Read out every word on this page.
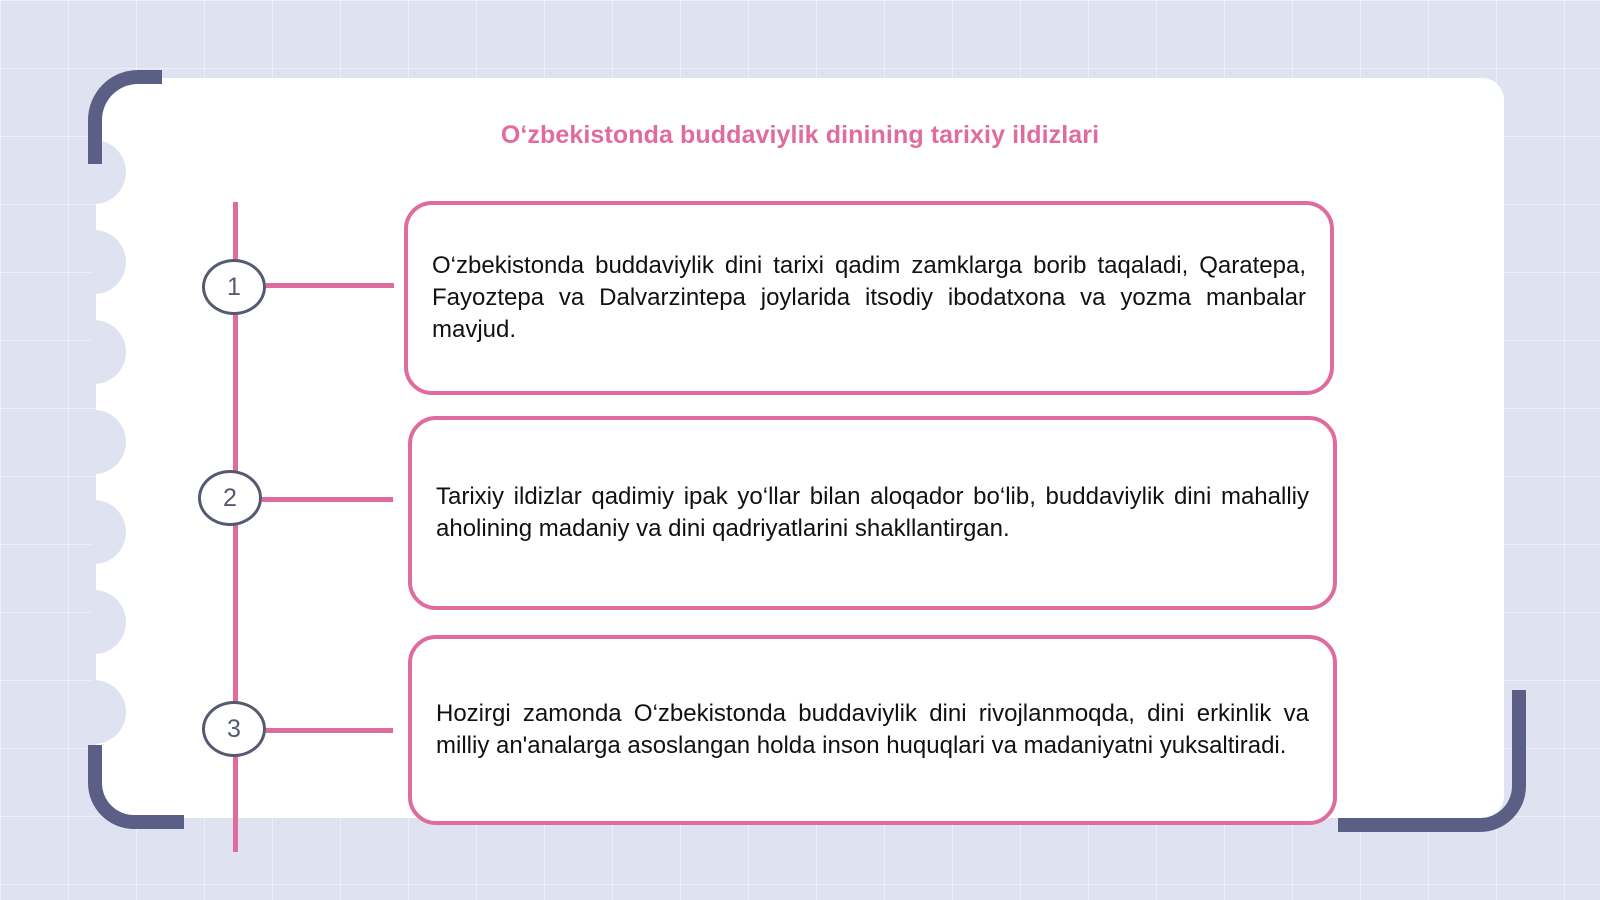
O‘zbekistonda buddaviylik dinining tarixiy ildizlari
1
2
3
O‘zbekistonda buddaviylik dini tarixi qadim zamklarga borib taqaladi, Qaratepa, Fayoztepa va Dalvarzintepa joylarida itsodiy ibodatxona va yozma manbalar mavjud.
Tarixiy ildizlar qadimiy ipak yo‘llar bilan aloqador bo‘lib, buddaviylik dini mahalliy aholining madaniy va dini qadriyatlarini shakllantirgan.
Hozirgi zamonda O‘zbekistonda buddaviylik dini rivojlanmoqda, dini erkinlik va milliy an'analarga asoslangan holda inson huquqlari va madaniyatni yuksaltiradi.
